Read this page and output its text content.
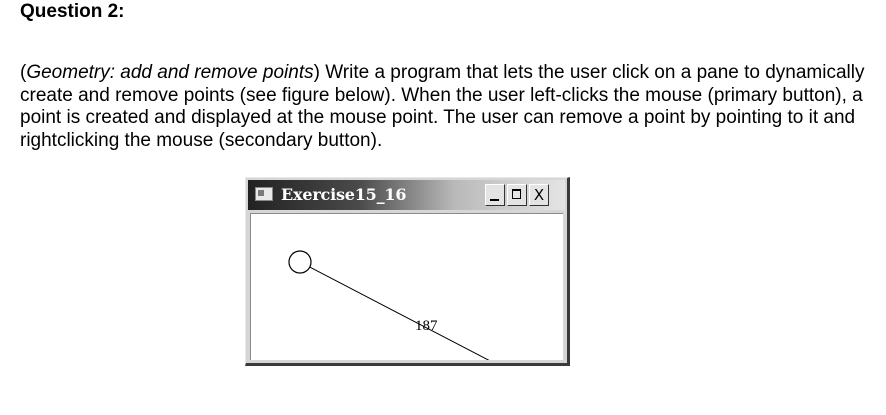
Question 2:

(Geometry: add and remove points) Write a program that lets the user click on a pane to dynamically create and remove points (see figure below). When the user left-clicks the mouse (primary button), a point is created and displayed at the mouse point. The user can remove a point by pointing to it and rightclicking the mouse (secondary button).

Exercise15_16	X
187
